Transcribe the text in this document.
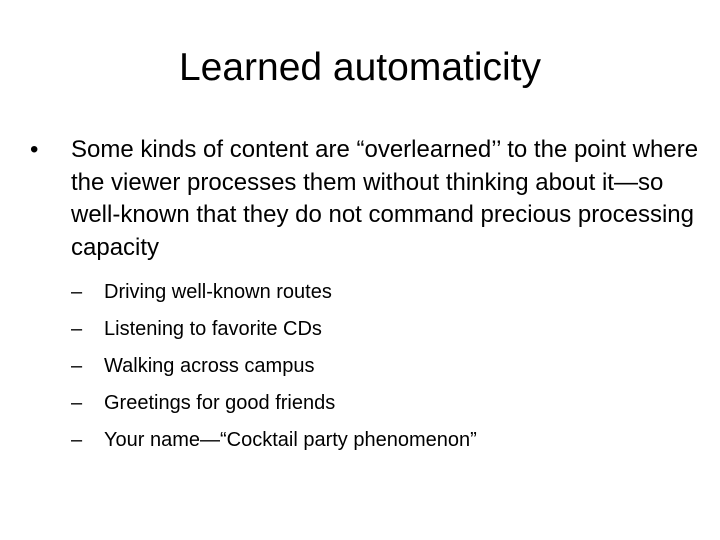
Learned automaticity
•	Some kinds of content are “overlearned’’ to the point where the viewer processes them without thinking about it—so well-known that they do not command precious processing capacity
–	Driving well-known routes
–	Listening to favorite CDs
–	Walking across campus
–	Greetings for good friends
–	Your name—“Cocktail party phenomenon”
